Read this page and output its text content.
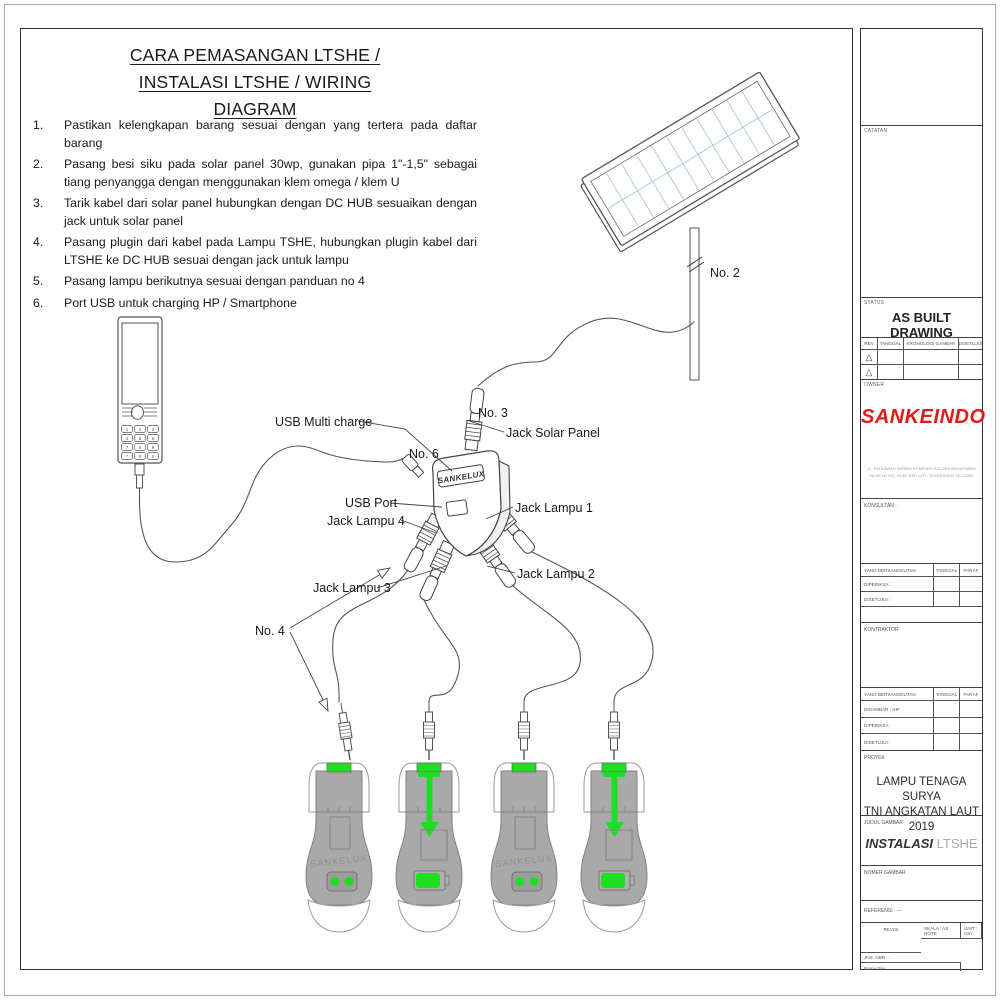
CARA PEMASANGAN LTSHE /
INSTALASI LTSHE / WIRING DIAGRAM
1.	Pastikan kelengkapan barang sesuai dengan yang tertera pada daftar barang
2.	Pasang besi siku pada solar panel 30wp, gunakan pipa 1"-1,5" sebagai tiang penyangga dengan menggunakan klem omega / klem U
3.	Tarik kabel dari solar panel hubungkan dengan DC HUB sesuaikan dengan jack untuk solar panel
4.	Pasang plugin dari kabel pada Lampu TSHE, hubungkan plugin kabel dari LTSHE ke DC HUB sesuai dengan jack untuk lampu
5.	Pasang lampu berikutnya sesuai dengan panduan no 4
6.	Port USB untuk charging HP / Smartphone
SANKELUX
No. 2
1 2 3
4 5 6
7 8 9
* 0 #
SANKELUX
USB Multi charge
No. 6
No. 3
Jack Solar Panel
USB Port
Jack Lampu 4
Jack Lampu 1
Jack Lampu 2
Jack Lampu 3
No. 4
CATATAN
STATUS
AS BUILT DRAWING
REV	TANGGAL	KRONOLOGI GAMBAR DISETUJUI
△
△
OWNER
SANKEINDO
JL. PAHLAWAN SERIBU KOMPLEK GOLDEN BOULEVARD
BLOK H2 NO. 43-46, BSD CITY, TANGERANG SELATAN
KONSULTAN :
YANG BERSANGKUTAN	TANGGAL	PARAF
DIPERIKSA :
DISETUJUI :
KONTRAKTOR
YANG BERSANGKUTAN	TANGGAL	PARAF
DIGAMBAR : IHF
DIPERIKSA :
DISETUJUI :
PROYEK
LAMPU TENAGA SURYA
TNI ANGKATAN LAUT 2019
JUDUL GAMBAR
INSTALASI LTSHE
NOMER GAMBAR
REFERENSI : —
SKALA : AS NOTE
UNIT : mm
REVISI
JNS. GBR : -
Nama File
